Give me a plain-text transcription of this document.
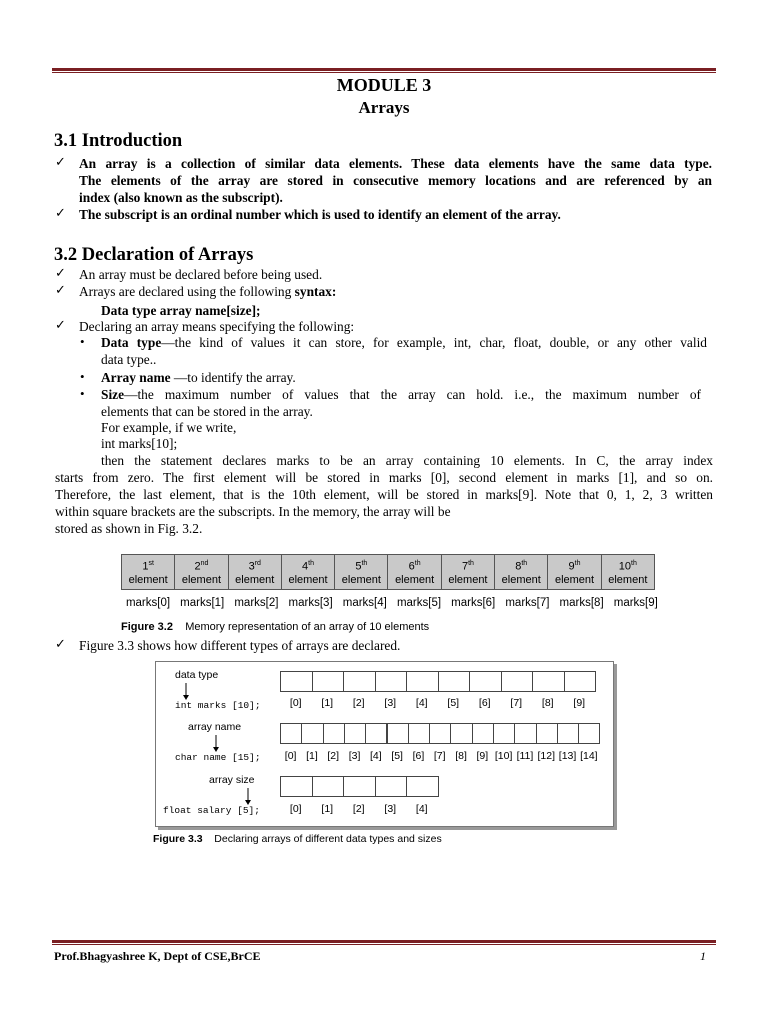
MODULE 3
Arrays
3.1 Introduction
✓ An array is a collection of similar data elements. These data elements have the same data type.
The elements of the array are stored in consecutive memory locations and are referenced by an
index (also known as the subscript).
✓ The subscript is an ordinal number which is used to identify an element of the array.
3.2 Declaration of Arrays
✓ An array must be declared before being used.
✓ Arrays are declared using the following syntax:
Data type array name[size];
✓ Declaring an array means specifying the following:
• Data type—the kind of values it can store, for example, int, char, float, double, or any other valid
data type..
• Array name —to identify the array.
• Size—the maximum number of values that the array can hold. i.e., the maximum number of
elements that can be stored in the array.
For example, if we write,
int marks[10];
then the statement declares marks to be an array containing 10 elements. In C, the array index
starts from zero. The first element will be stored in marks [0], second element in marks [1], and so on.
Therefore, the last element, that is the 10th element, will be stored in marks[9]. Note that 0, 1, 2, 3 written
within square brackets are the subscripts. In the memory, the array will be
stored as shown in Fig. 3.2.
1st
element	2nd
element	3rd
element	4th
element	5th
element	6th
element	7th
element	8th
element	9th
element	10th
element
marks[0] marks[1] marks[2] marks[3] marks[4] marks[5] marks[6] marks[7] marks[8] marks[9]
Figure 3.2 Memory representation of an array of 10 elements
✓ Figure 3.3 shows how different types of arrays are declared.
data type
int marks [10];	[0]	[1]	[2]	[3]	[4]	[5]	[6]	[7]	[8]	[9]
array name
char name [15];	[0] [1] [2] [3] [4] [5] [6] [7] [8] [9] [10] [11] [12] [13] [14]
array size
float salary [5];	[0]	[1]	[2]	[3]	[4]
Figure 3.3 Declaring arrays of different data types and sizes
Prof.Bhagyashree K, Dept of CSE,BrCE	1
